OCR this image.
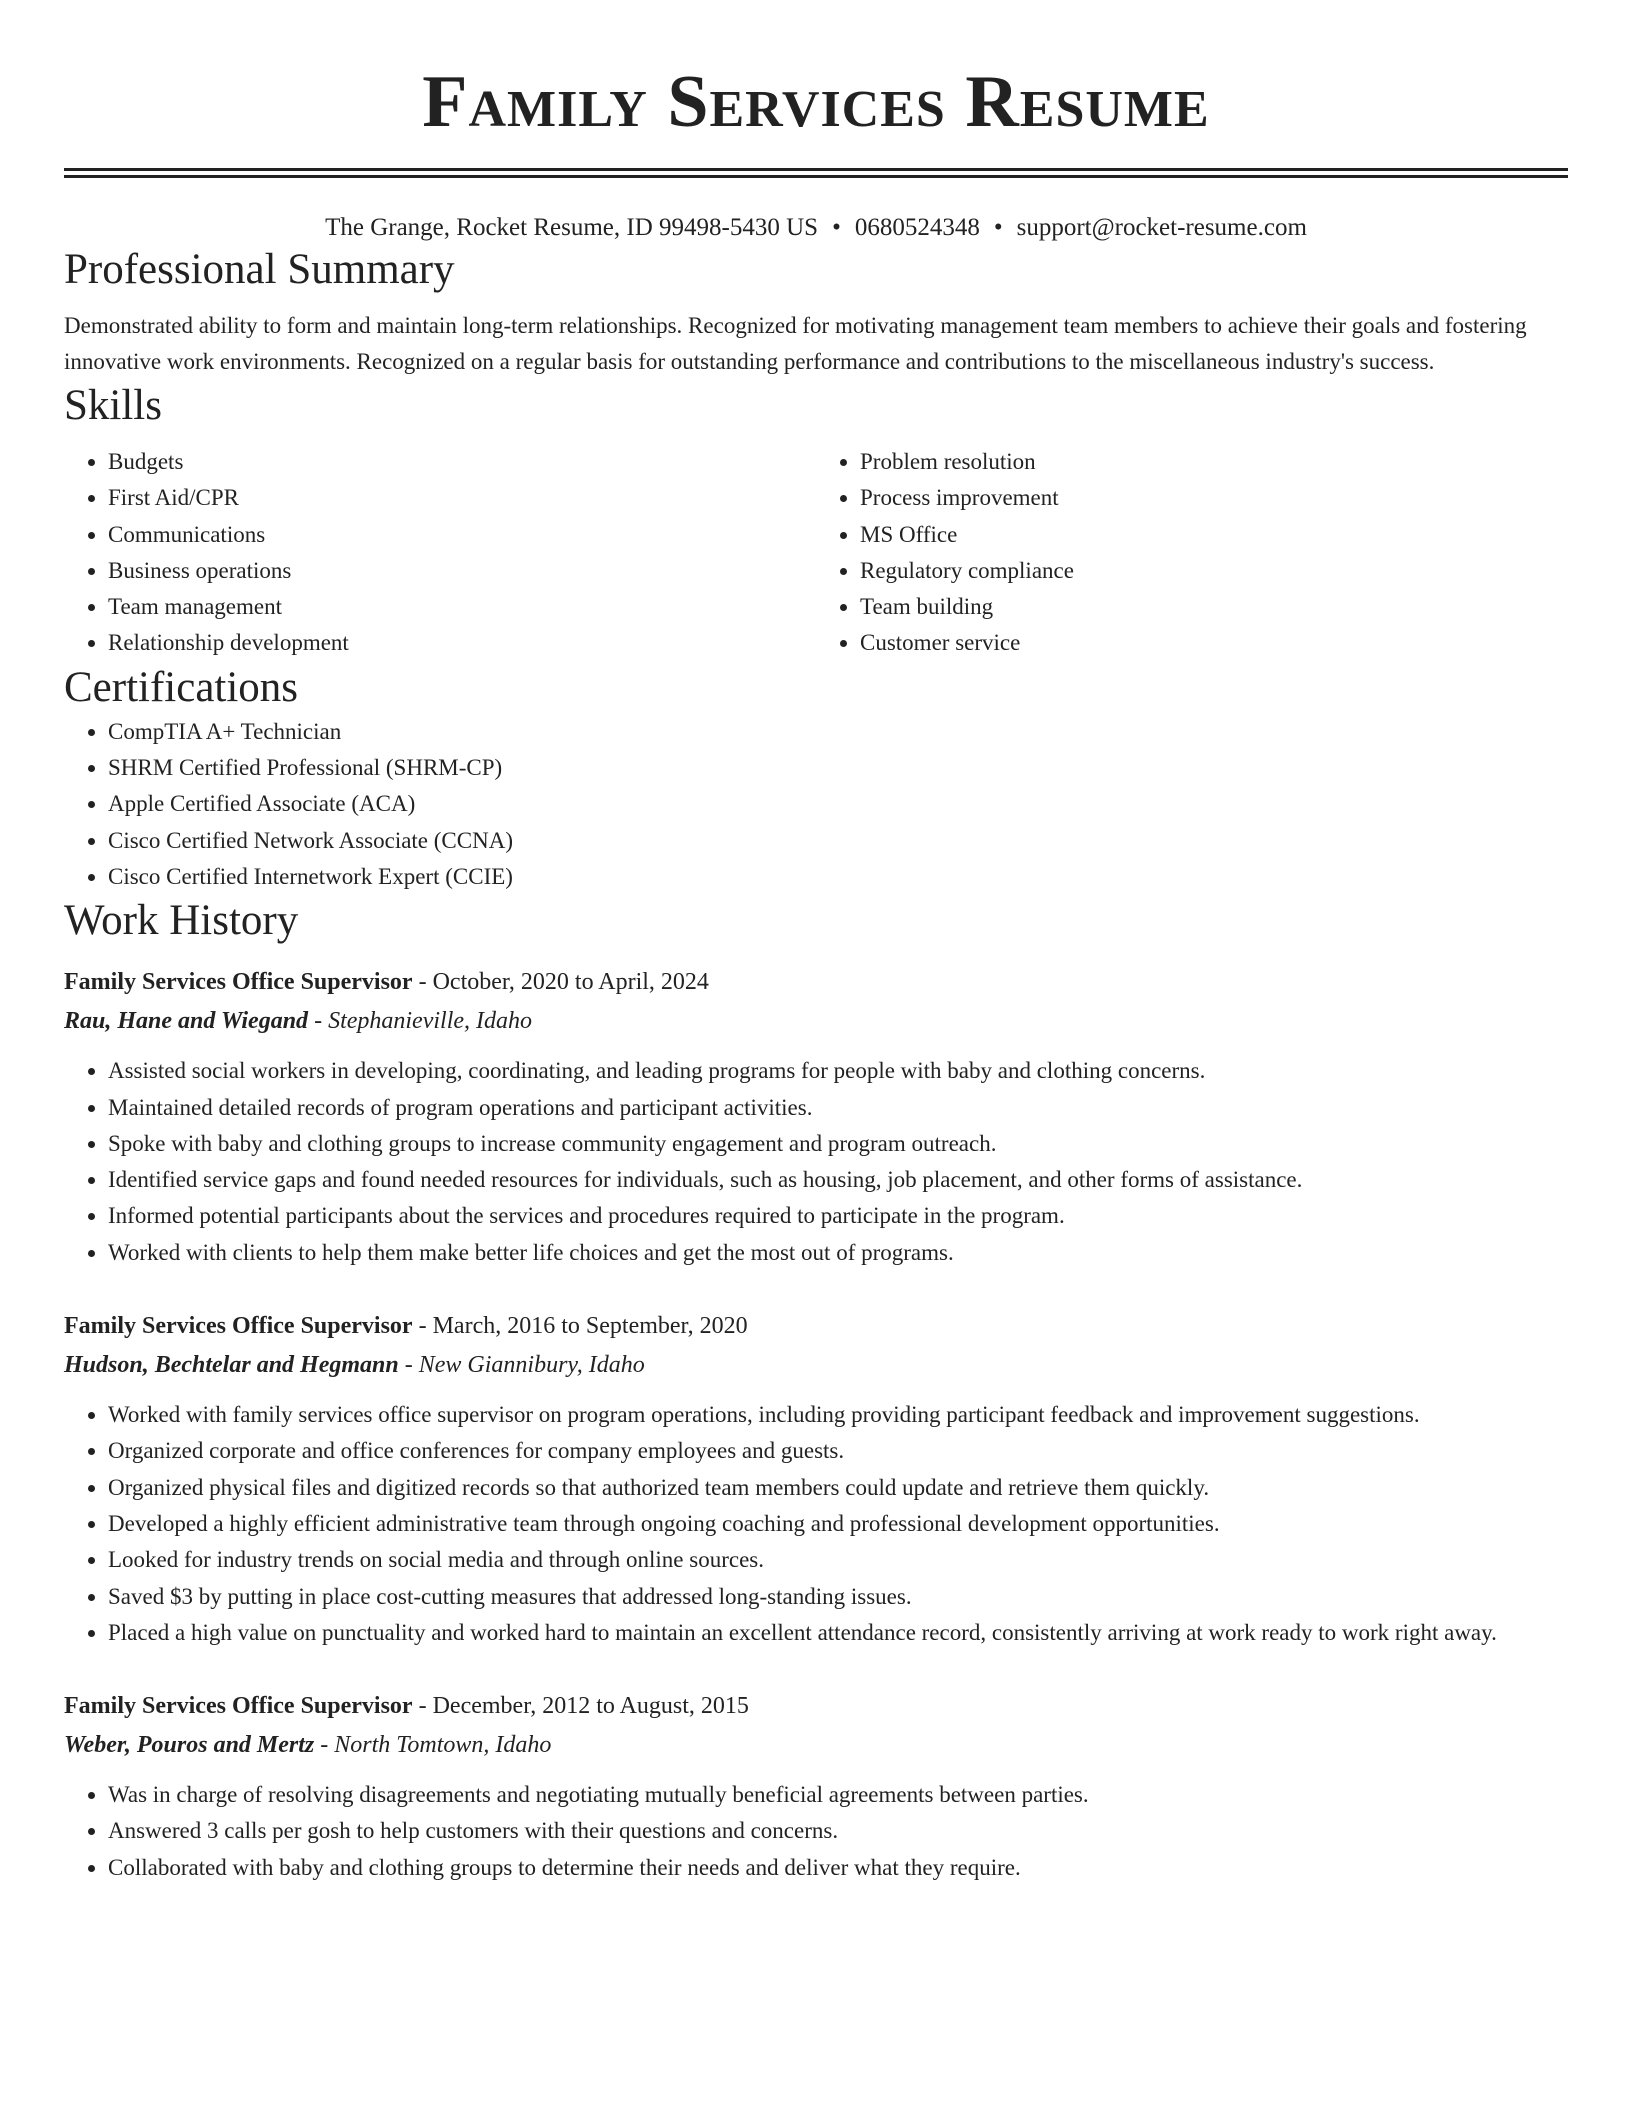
Family Services Resume
The Grange, Rocket Resume, ID 99498-5430 US • 0680524348 • support@rocket-resume.com
Professional Summary

Demonstrated ability to form and maintain long-term relationships. Recognized for motivating management team members to achieve their goals and fostering innovative work environments. Recognized on a regular basis for outstanding performance and contributions to the miscellaneous industry's success.

Skills
• Budgets
• First Aid/CPR
• Communications
• Business operations
• Team management
• Relationship development
• Problem resolution
• Process improvement
• MS Office
• Regulatory compliance
• Team building
• Customer service
Certifications
• CompTIA A+ Technician
• SHRM Certified Professional (SHRM-CP)
• Apple Certified Associate (ACA)
• Cisco Certified Network Associate (CCNA)
• Cisco Certified Internetwork Expert (CCIE)
Work History
Family Services Office Supervisor - October, 2020 to April, 2024
Rau, Hane and Wiegand - Stephanieville, Idaho
• Assisted social workers in developing, coordinating, and leading programs for people with baby and clothing concerns.
• Maintained detailed records of program operations and participant activities.
• Spoke with baby and clothing groups to increase community engagement and program outreach.
• Identified service gaps and found needed resources for individuals, such as housing, job placement, and other forms of assistance.
• Informed potential participants about the services and procedures required to participate in the program.
• Worked with clients to help them make better life choices and get the most out of programs.
Family Services Office Supervisor - March, 2016 to September, 2020
Hudson, Bechtelar and Hegmann - New Giannibury, Idaho
• Worked with family services office supervisor on program operations, including providing participant feedback and improvement suggestions.
• Organized corporate and office conferences for company employees and guests.
• Organized physical files and digitized records so that authorized team members could update and retrieve them quickly.
• Developed a highly efficient administrative team through ongoing coaching and professional development opportunities.
• Looked for industry trends on social media and through online sources.
• Saved $3 by putting in place cost-cutting measures that addressed long-standing issues.
• Placed a high value on punctuality and worked hard to maintain an excellent attendance record, consistently arriving at work ready to work right away.
Family Services Office Supervisor - December, 2012 to August, 2015
Weber, Pouros and Mertz - North Tomtown, Idaho
• Was in charge of resolving disagreements and negotiating mutually beneficial agreements between parties.
• Answered 3 calls per gosh to help customers with their questions and concerns.
• Collaborated with baby and clothing groups to determine their needs and deliver what they require.
